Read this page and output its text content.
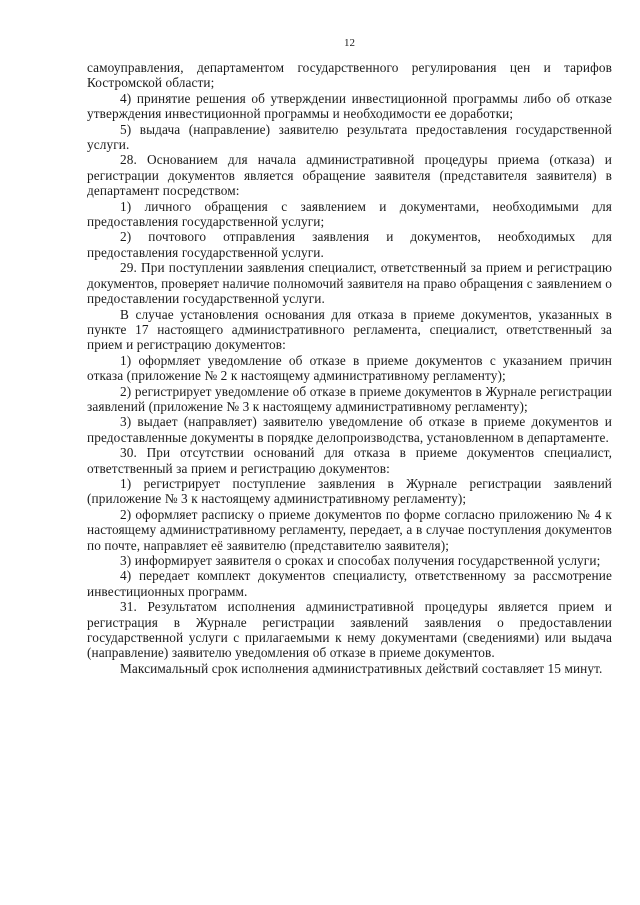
12

самоуправления, департаментом государственного регулирования цен и тарифов Костромской области;

4) принятие решения об утверждении инвестиционной программы либо об отказе утверждения инвестиционной программы и необходимости ее доработки;

5) выдача (направление) заявителю результата предоставления государственной услуги.

28. Основанием для начала административной процедуры приема (отказа) и регистрации документов является обращение заявителя (представителя заявителя) в департамент посредством:

1) личного обращения с заявлением и документами, необходимыми для предоставления государственной услуги;

2) почтового отправления заявления и документов, необходимых для предоставления государственной услуги.

29. При поступлении заявления специалист, ответственный за прием и регистрацию документов, проверяет наличие полномочий заявителя на право обращения с заявлением о предоставлении государственной услуги.

В случае установления основания для отказа в приеме документов, указанных в пункте 17 настоящего административного регламента, специалист, ответственный за прием и регистрацию документов:

1) оформляет уведомление об отказе в приеме документов с указанием причин отказа (приложение № 2 к настоящему административному регламенту);

2) регистрирует уведомление об отказе в приеме документов в Журнале регистрации заявлений (приложение № 3 к настоящему административному регламенту);

3) выдает (направляет) заявителю уведомление об отказе в приеме документов и предоставленные документы в порядке делопроизводства, установленном в департаменте.

30. При отсутствии оснований для отказа в приеме документов специалист, ответственный за прием и регистрацию документов:

1) регистрирует поступление заявления в Журнале регистрации заявлений (приложение № 3 к настоящему административному регламенту);

2) оформляет расписку о приеме документов по форме согласно приложению № 4 к настоящему административному регламенту, передает, а в случае поступления документов по почте, направляет её заявителю (представителю заявителя);

3) информирует заявителя о сроках и способах получения государственной услуги;

4) передает комплект документов специалисту, ответственному за рассмотрение инвестиционных программ.

31. Результатом исполнения административной процедуры является прием и регистрация в Журнале регистрации заявлений заявления о предоставлении государственной услуги с прилагаемыми к нему документами (сведениями) или выдача (направление) заявителю уведомления об отказе в приеме документов.

Максимальный срок исполнения административных действий составляет 15 минут.
